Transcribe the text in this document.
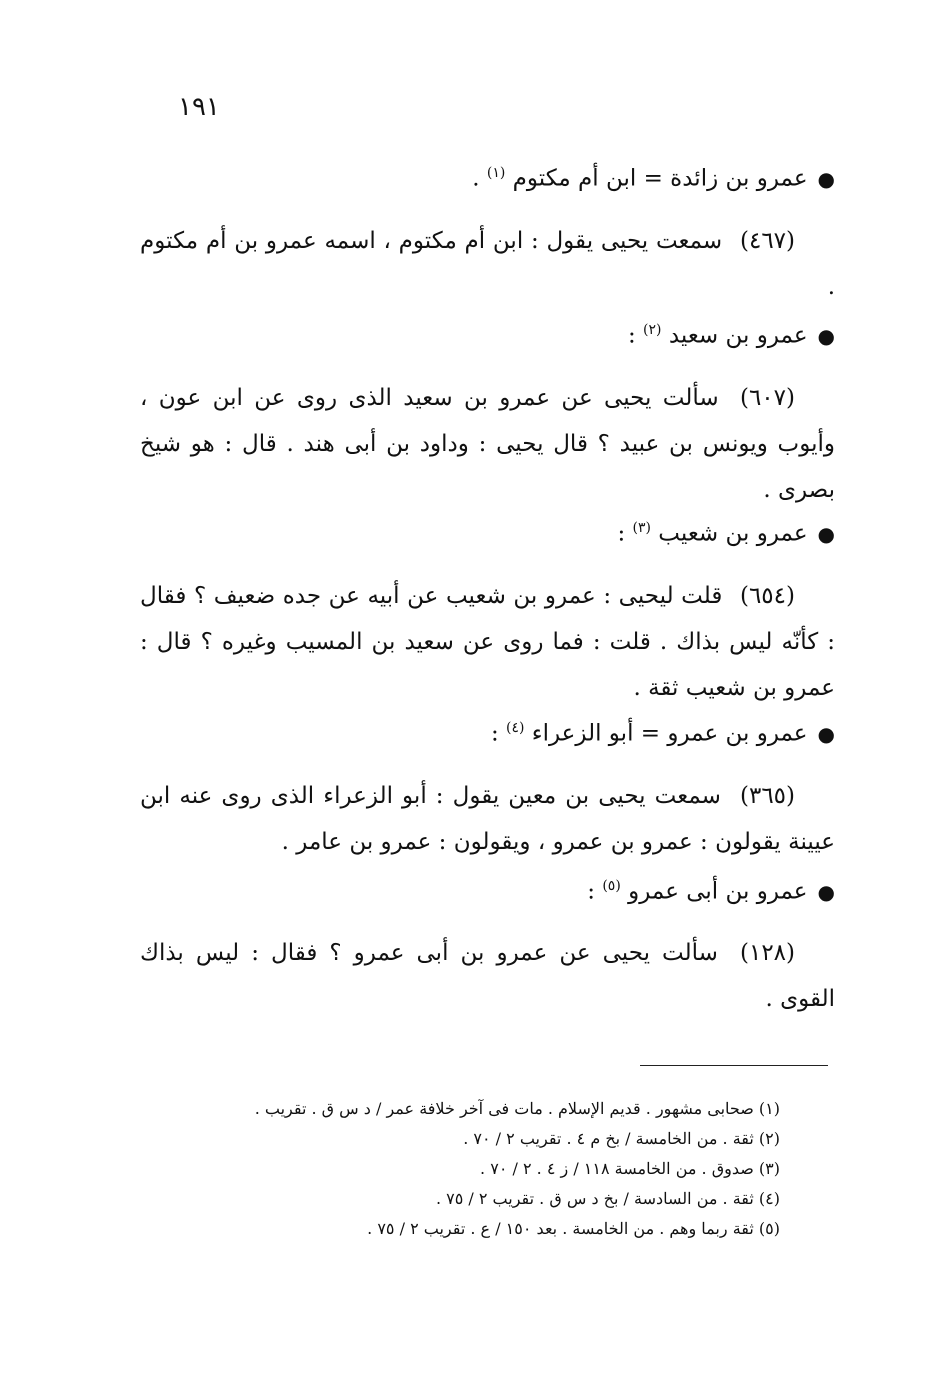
١٩١
●عمرو بن زائدة = ابن أم مكتوم $^{(١)}$ .
(٤٦٧) سمعت يحيى يقول : ابن أم مكتوم ، اسمه عمرو بن أم مكتوم .
●عمرو بن سعيد $^{(٢)}$ :
(٦٠٧) سألت يحيى عن عمرو بن سعيد الذى روى عن ابن عون ، وأيوب ويونس بن عبيد ؟ قال يحيى : وداود بن أبى هند . قال : هو شيخ بصرى .
●عمرو بن شعيب $^{(٣)}$ :
(٦٥٤) قلت ليحيى : عمرو بن شعيب عن أبيه عن جده ضعيف ؟ فقال : كأنّه ليس بذاك . قلت : فما روى عن سعيد بن المسيب وغيره ؟ قال : عمرو بن شعيب ثقة .
●عمرو بن عمرو = أبو الزعراء $^{(٤)}$ :
(٣٦٥) سمعت يحيى بن معين يقول : أبو الزعراء الذى روى عنه ابن عيينة يقولون : عمرو بن عمرو ، ويقولون : عمرو بن عامر .
●عمرو بن أبى عمرو $^{(٥)}$ :
(١٢٨) سألت يحيى عن عمرو بن أبى عمرو ؟ فقال : ليس بذاك القوى .
(١) صحابى مشهور . قديم الإسلام . مات فى آخر خلافة عمر / د س ق . تقريب .
(٢) ثقة . من الخامسة / بخ م ٤ . تقريب ٢ / ٧٠ .
(٣) صدوق . من الخامسة ١١٨ / ز ٤ . ٢ / ٧٠ .
(٤) ثقة . من السادسة / بخ د س ق . تقريب ٢ / ٧٥ .
(٥) ثقة ربما وهم . من الخامسة . بعد ١٥٠ / ع . تقريب ٢ / ٧٥ .
